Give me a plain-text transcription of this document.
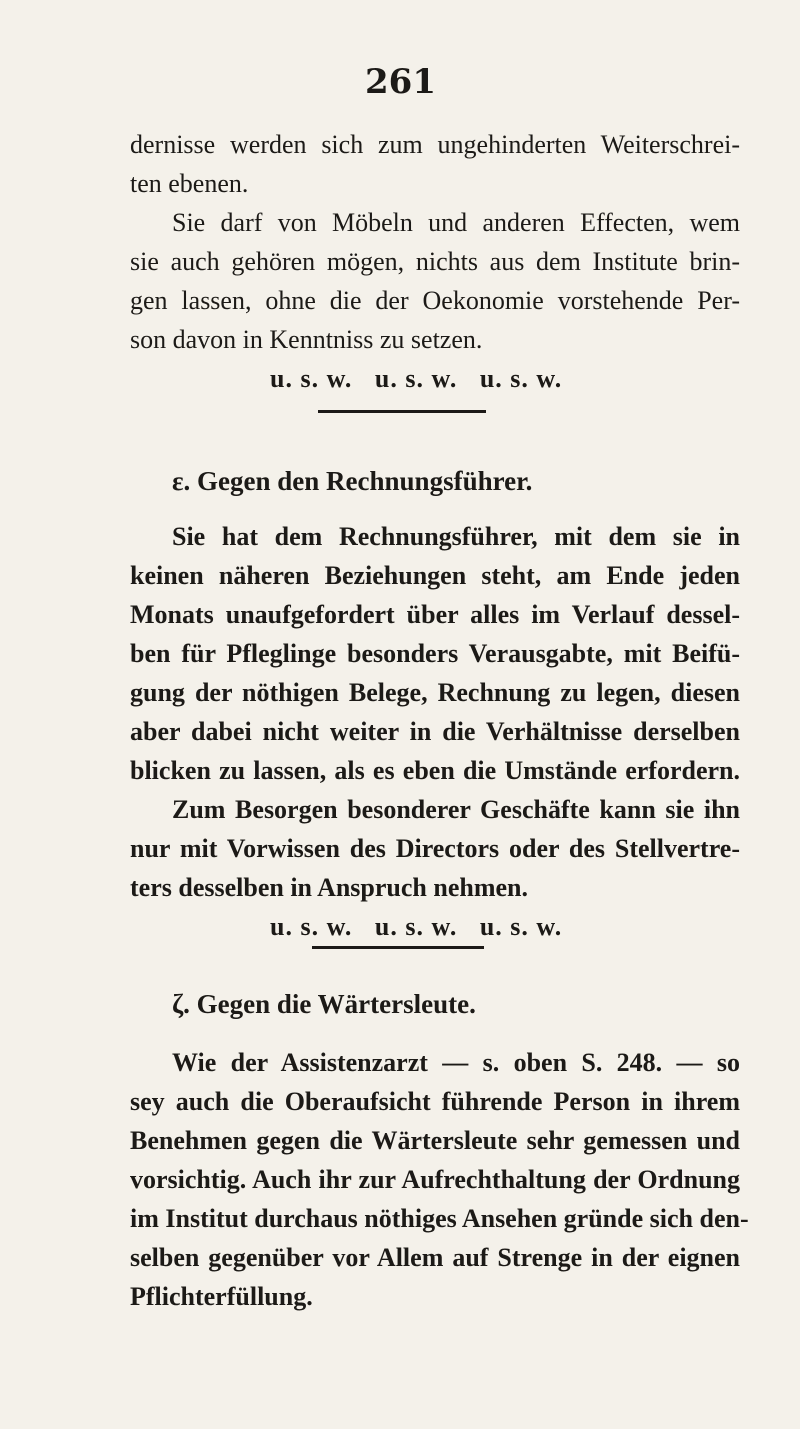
261
dernisse werden sich zum ungehinderten Weiterschrei-
ten ebenen.
Sie darf von Möbeln und anderen Effecten, wem
sie auch gehören mögen, nichts aus dem Institute brin-
gen lassen, ohne die der Oekonomie vorstehende Per-
son davon in Kenntniss zu setzen.
u. s. w.   u. s. w.   u. s. w.
ε. Gegen den Rechnungsführer.
Sie hat dem Rechnungsführer, mit dem sie in
keinen näheren Beziehungen steht, am Ende jeden
Monats unaufgefordert über alles im Verlauf dessel-
ben für Pfleglinge besonders Verausgabte, mit Beifü-
gung der nöthigen Belege, Rechnung zu legen, diesen
aber dabei nicht weiter in die Verhältnisse derselben
blicken zu lassen, als es eben die Umstände erfordern.
Zum Besorgen besonderer Geschäfte kann sie ihn
nur mit Vorwissen des Directors oder des Stellvertre-
ters desselben in Anspruch nehmen.
u. s. w.   u. s. w.   u. s. w.
ζ. Gegen die Wärtersleute.
Wie der Assistenzarzt — s. oben S. 248. — so
sey auch die Oberaufsicht führende Person in ihrem
Benehmen gegen die Wärtersleute sehr gemessen und
vorsichtig. Auch ihr zur Aufrechthaltung der Ordnung
im Institut durchaus nöthiges Ansehen gründe sich den-
selben gegenüber vor Allem auf Strenge in der eignen
Pflichterfüllung.
